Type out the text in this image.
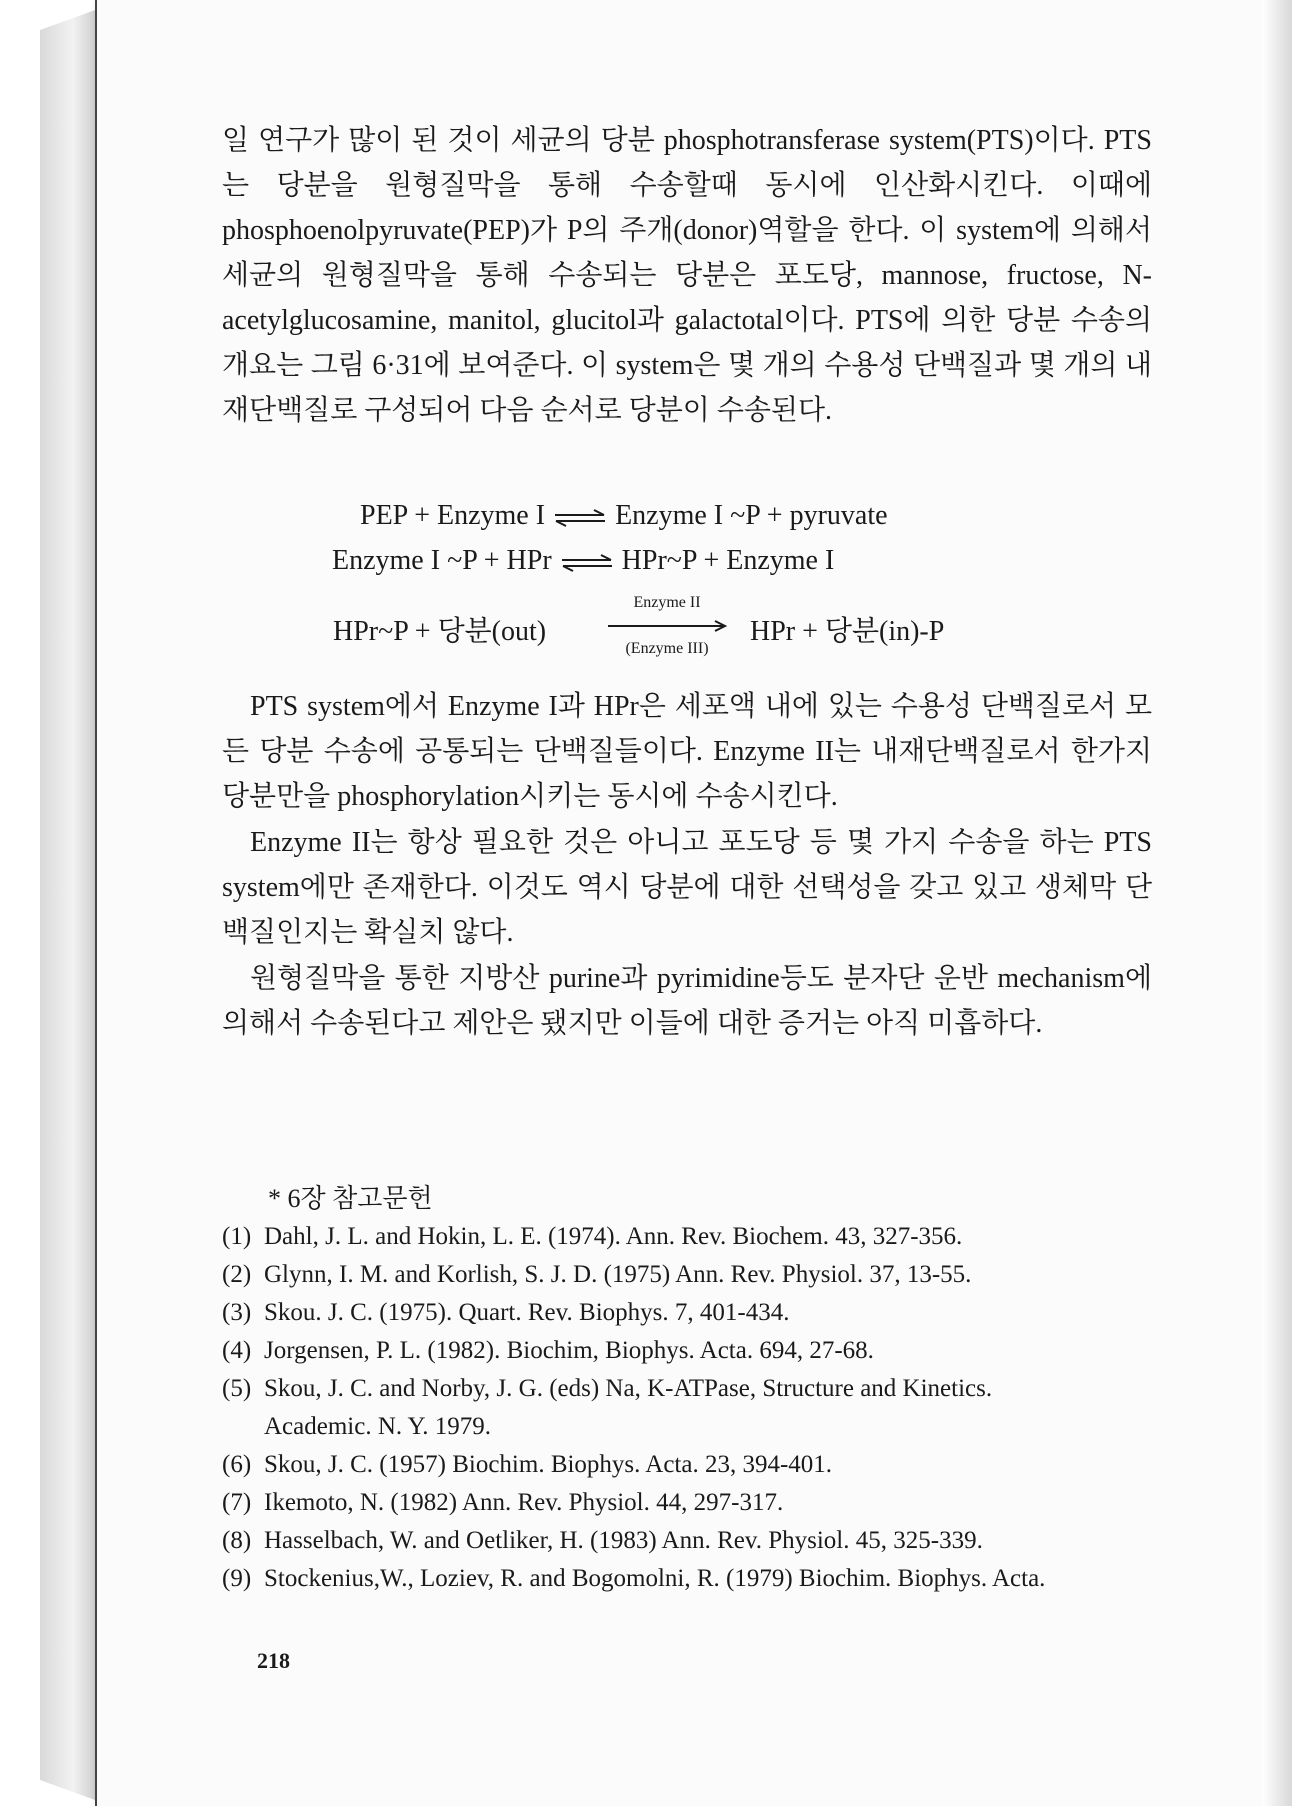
일 연구가 많이 된 것이 세균의 당분 phosphotransferase system(PTS)이다. PTS는 당분을 원형질막을 통해 수송할때 동시에 인산화시킨다. 이때에 phosphoenolpyruvate(PEP)가 P의 주개(donor)역할을 한다. 이 system에 의해서 세균의 원형질막을 통해 수송되는 당분은 포도당, mannose, fructose, N-acetylglucosamine, manitol, glucitol과 galactotal이다. PTS에 의한 당분 수송의 개요는 그림 6·31에 보여준다. 이 system은 몇 개의 수용성 단백질과 몇 개의 내재단백질로 구성되어 다음 순서로 당분이 수송된다.
PEP + Enzyme I ⇌ Enzyme I ~P + pyruvate
Enzyme I ~P + HPr ⇌ HPr~P + Enzyme I
HPr~P + 당분(out)
Enzyme II
(Enzyme III)
HPr + 당분(in)-P
PTS system에서 Enzyme I과 HPr은 세포액 내에 있는 수용성 단백질로서 모든 당분 수송에 공통되는 단백질들이다. Enzyme II는 내재단백질로서 한가지 당분만을 phosphorylation시키는 동시에 수송시킨다.
Enzyme II는 항상 필요한 것은 아니고 포도당 등 몇 가지 수송을 하는 PTS system에만 존재한다. 이것도 역시 당분에 대한 선택성을 갖고 있고 생체막 단백질인지는 확실치 않다.
원형질막을 통한 지방산 purine과 pyrimidine등도 분자단 운반 mechanism에 의해서 수송된다고 제안은 됐지만 이들에 대한 증거는 아직 미흡하다.
* 6장 참고문헌
(1) Dahl, J. L. and Hokin, L. E. (1974). Ann. Rev. Biochem. 43, 327-356.
(2) Glynn, I. M. and Korlish, S. J. D. (1975) Ann. Rev. Physiol. 37, 13-55.
(3) Skou. J. C. (1975). Quart. Rev. Biophys. 7, 401-434.
(4) Jorgensen, P. L. (1982). Biochim, Biophys. Acta. 694, 27-68.
(5) Skou, J. C. and Norby, J. G. (eds) Na, K-ATPase, Structure and Kinetics.
Academic. N. Y. 1979.
(6) Skou, J. C. (1957) Biochim. Biophys. Acta. 23, 394-401.
(7) Ikemoto, N. (1982) Ann. Rev. Physiol. 44, 297-317.
(8) Hasselbach, W. and Oetliker, H. (1983) Ann. Rev. Physiol. 45, 325-339.
(9) Stockenius,W., Loziev, R. and Bogomolni, R. (1979) Biochim. Biophys. Acta.
218
